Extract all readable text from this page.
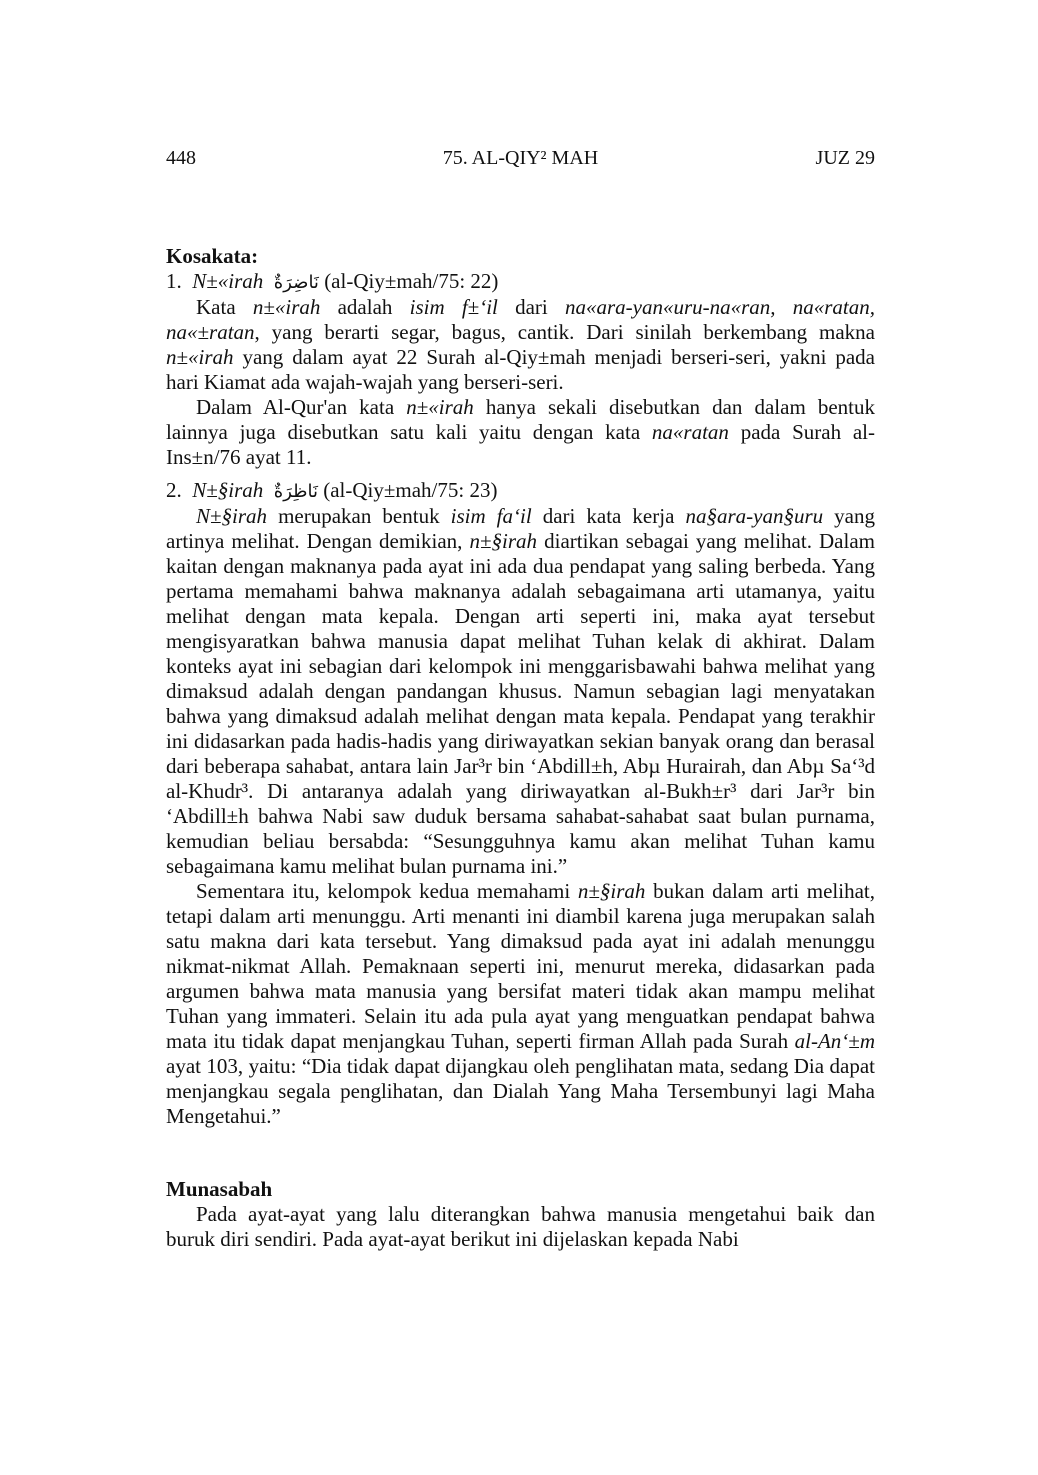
448	75. AL-QIY² MAH	JUZ 29
Kosakata:
1. N±«irah نَاضِرَةٌ (al-Qiy±mah/75: 22)

Kata n±«irah adalah isim f±‘il dari na«ara-yan«uru-na«ran, na«ratan, na«±ratan, yang berarti segar, bagus, cantik. Dari sinilah berkembang makna n±«irah yang dalam ayat 22 Surah al-Qiy±mah menjadi berseri-seri, yakni pada hari Kiamat ada wajah-wajah yang berseri-seri.

Dalam Al-Qur'an kata n±«irah hanya sekali disebutkan dan dalam bentuk lainnya juga disebutkan satu kali yaitu dengan kata na«ratan pada Surah al-Ins±n/76 ayat 11.

2. N±§irah نَاظِرَةٌ (al-Qiy±mah/75: 23)

N±§irah merupakan bentuk isim fa‘il dari kata kerja na§ara-yan§uru yang artinya melihat. Dengan demikian, n±§irah diartikan sebagai yang melihat. Dalam kaitan dengan maknanya pada ayat ini ada dua pendapat yang saling berbeda. Yang pertama memahami bahwa maknanya adalah sebagaimana arti utamanya, yaitu melihat dengan mata kepala. Dengan arti seperti ini, maka ayat tersebut mengisyaratkan bahwa manusia dapat melihat Tuhan kelak di akhirat. Dalam konteks ayat ini sebagian dari kelompok ini menggarisbawahi bahwa melihat yang dimaksud adalah dengan pandangan khusus. Namun sebagian lagi menyatakan bahwa yang dimaksud adalah melihat dengan mata kepala. Pendapat yang terakhir ini didasarkan pada hadis-hadis yang diriwayatkan sekian banyak orang dan berasal dari beberapa sahabat, antara lain Jar³r bin ‘Abdill±h, Abµ Hurairah, dan Abµ Sa‘³d al-Khudr³. Di antaranya adalah yang diriwayatkan al-Bukh±r³ dari Jar³r bin ‘Abdill±h bahwa Nabi saw duduk bersama sahabat-sahabat saat bulan purnama, kemudian beliau bersabda: “Sesungguhnya kamu akan melihat Tuhan kamu sebagaimana kamu melihat bulan purnama ini.”

Sementara itu, kelompok kedua memahami n±§irah bukan dalam arti melihat, tetapi dalam arti menunggu. Arti menanti ini diambil karena juga merupakan salah satu makna dari kata tersebut. Yang dimaksud pada ayat ini adalah menunggu nikmat-nikmat Allah. Pemaknaan seperti ini, menurut mereka, didasarkan pada argumen bahwa mata manusia yang bersifat materi tidak akan mampu melihat Tuhan yang immateri. Selain itu ada pula ayat yang menguatkan pendapat bahwa mata itu tidak dapat menjangkau Tuhan, seperti firman Allah pada Surah al-An‘±m ayat 103, yaitu: “Dia tidak dapat dijangkau oleh penglihatan mata, sedang Dia dapat menjangkau segala penglihatan, dan Dialah Yang Maha Tersembunyi lagi Maha Mengetahui.”

Munasabah

Pada ayat-ayat yang lalu diterangkan bahwa manusia mengetahui baik dan buruk diri sendiri. Pada ayat-ayat berikut ini dijelaskan kepada Nabi
